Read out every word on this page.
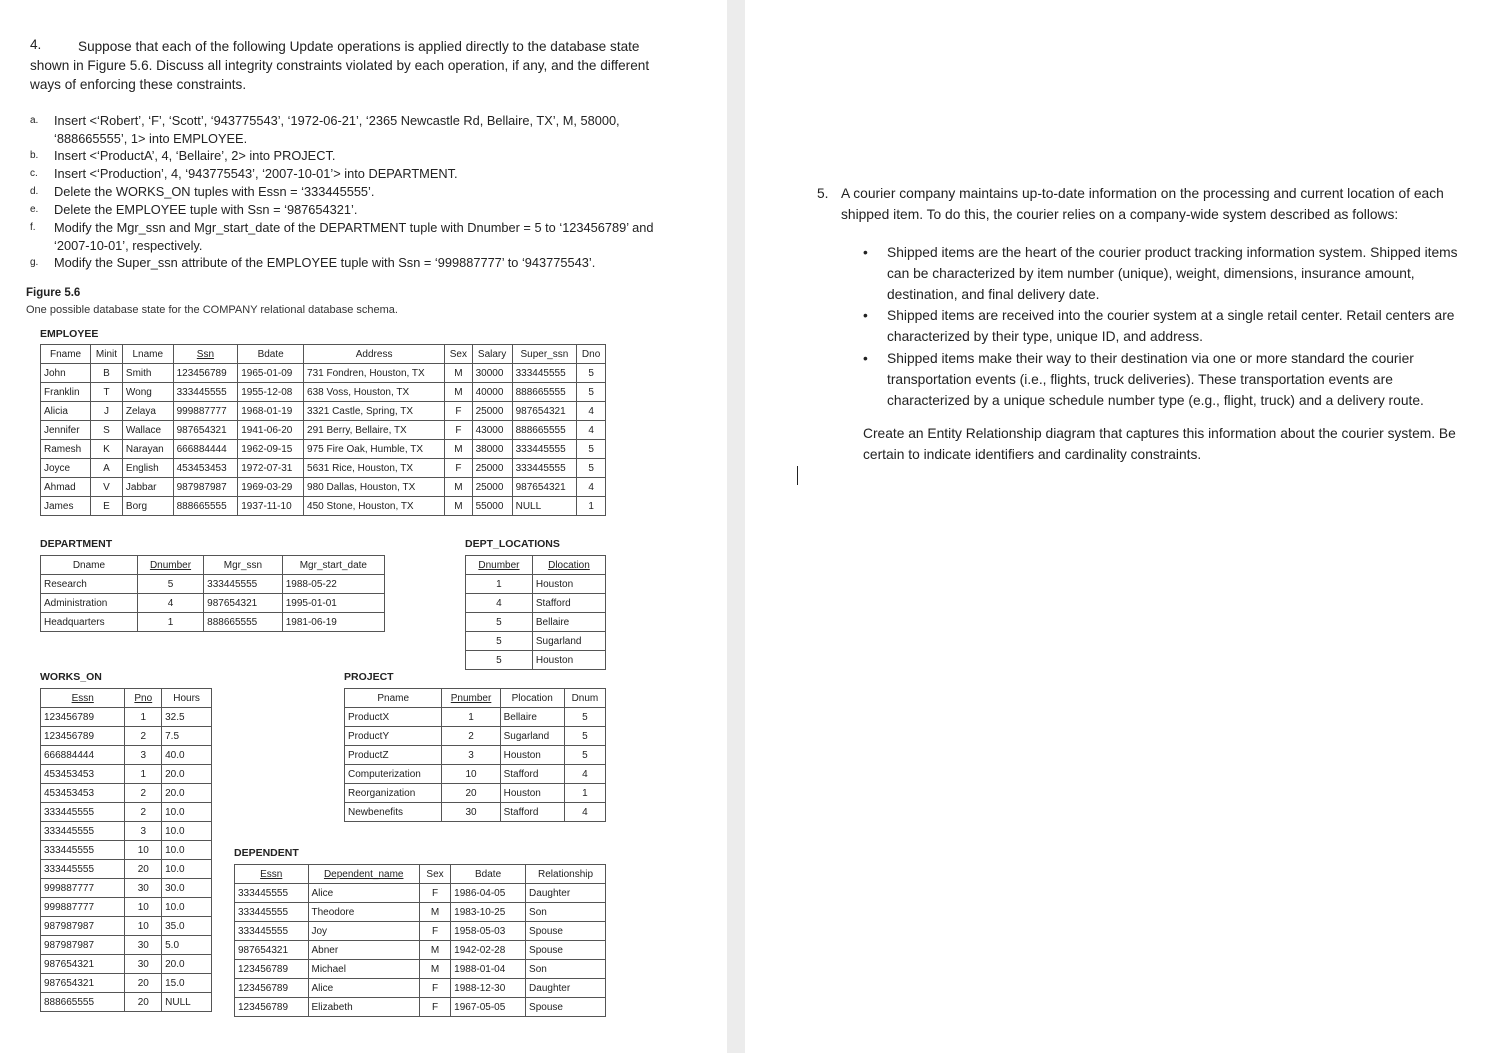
4.	Suppose that each of the following Update operations is applied directly to the database state shown in Figure 5.6. Discuss all integrity constraints violated by each operation, if any, and the different ways of enforcing these constraints.
a.	Insert <‘Robert’, ‘F’, ‘Scott’, ‘943775543’, ‘1972-06-21’, ‘2365 Newcastle Rd, Bellaire, TX’, M, 58000, ‘888665555’, 1> into EMPLOYEE.
b.	Insert <‘ProductA’, 4, ‘Bellaire’, 2> into PROJECT.
c.	Insert <‘Production’, 4, ‘943775543’, ‘2007-10-01’> into DEPARTMENT.
d.	Delete the WORKS_ON tuples with Essn = ‘333445555’.
e.	Delete the EMPLOYEE tuple with Ssn = ‘987654321’.
f.	Modify the Mgr_ssn and Mgr_start_date of the DEPARTMENT tuple with Dnumber = 5 to ‘123456789’ and ‘2007-10-01’, respectively.
g.	Modify the Super_ssn attribute of the EMPLOYEE tuple with Ssn = ‘999887777’ to ‘943775543’.
Figure 5.6
One possible database state for the COMPANY relational database schema.
EMPLOYEE
Fname	Minit	Lname	Ssn	Bdate	Address	Sex	Salary	Super_ssn	Dno
John	B	Smith	123456789	1965-01-09	731 Fondren, Houston, TX	M	30000	333445555	5
Franklin	T	Wong	333445555	1955-12-08	638 Voss, Houston, TX	M	40000	888665555	5
Alicia	J	Zelaya	999887777	1968-01-19	3321 Castle, Spring, TX	F	25000	987654321	4
Jennifer	S	Wallace	987654321	1941-06-20	291 Berry, Bellaire, TX	F	43000	888665555	4
Ramesh	K	Narayan	666884444	1962-09-15	975 Fire Oak, Humble, TX	M	38000	333445555	5
Joyce	A	English	453453453	1972-07-31	5631 Rice, Houston, TX	F	25000	333445555	5
Ahmad	V	Jabbar	987987987	1969-03-29	980 Dallas, Houston, TX	M	25000	987654321	4
James	E	Borg	888665555	1937-11-10	450 Stone, Houston, TX	M	55000	NULL	1
DEPARTMENT
Dname	Dnumber	Mgr_ssn	Mgr_start_date
Research	5	333445555	1988-05-22
Administration	4	987654321	1995-01-01
Headquarters	1	888665555	1981-06-19
DEPT_LOCATIONS
Dnumber	Dlocation
1	Houston
4	Stafford
5	Bellaire
5	Sugarland
5	Houston
WORKS_ON
Essn	Pno	Hours
123456789	1	32.5
123456789	2	7.5
666884444	3	40.0
453453453	1	20.0
453453453	2	20.0
333445555	2	10.0
333445555	3	10.0
333445555	10	10.0
333445555	20	10.0
999887777	30	30.0
999887777	10	10.0
987987987	10	35.0
987987987	30	5.0
987654321	30	20.0
987654321	20	15.0
888665555	20	NULL
PROJECT
Pname	Pnumber	Plocation	Dnum
ProductX	1	Bellaire	5
ProductY	2	Sugarland	5
ProductZ	3	Houston	5
Computerization	10	Stafford	4
Reorganization	20	Houston	1
Newbenefits	30	Stafford	4
DEPENDENT
Essn	Dependent_name	Sex	Bdate	Relationship
333445555	Alice	F	1986-04-05	Daughter
333445555	Theodore	M	1983-10-25	Son
333445555	Joy	F	1958-05-03	Spouse
987654321	Abner	M	1942-02-28	Spouse
123456789	Michael	M	1988-01-04	Son
123456789	Alice	F	1988-12-30	Daughter
123456789	Elizabeth	F	1967-05-05	Spouse
5. A courier company maintains up-to-date information on the processing and current location of each shipped item. To do this, the courier relies on a company-wide system described as follows:
• Shipped items are the heart of the courier product tracking information system. Shipped items can be characterized by item number (unique), weight, dimensions, insurance amount, destination, and final delivery date.
• Shipped items are received into the courier system at a single retail center. Retail centers are characterized by their type, unique ID, and address.
• Shipped items make their way to their destination via one or more standard the courier transportation events (i.e., flights, truck deliveries). These transportation events are characterized by a unique schedule number type (e.g., flight, truck) and a delivery route.
Create an Entity Relationship diagram that captures this information about the courier system. Be certain to indicate identifiers and cardinality constraints.
